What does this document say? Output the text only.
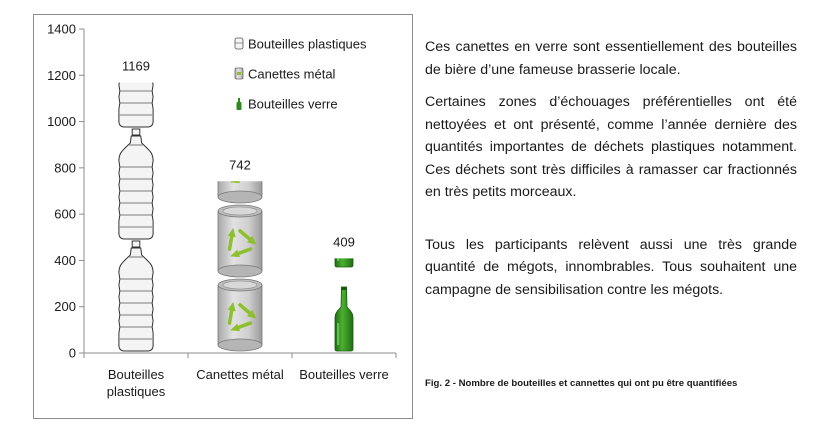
0
200
400
600
800
1000
1200
1400
Bouteilles
plastiques
Canettes métal Bouteilles verre
1169
742
409
Bouteilles plastiques
Canettes métal
Bouteilles verre

Ces canettes en verre sont essentiellement des bouteilles de bière d’une fameuse brasserie locale.

Certaines zones d’échouages préférentielles ont été nettoyées et ont présenté, comme l’année dernière des quantités importantes de déchets plastiques notamment. Ces déchets sont très difficiles à ramasser car fractionnés en très petits morceaux.

Tous les participants relèvent aussi une très grande quantité de mégots, innombrables. Tous souhaitent une campagne de sensibilisation contre les mégots.

Fig. 2 - Nombre de bouteilles et cannettes qui ont pu être quantifiées
